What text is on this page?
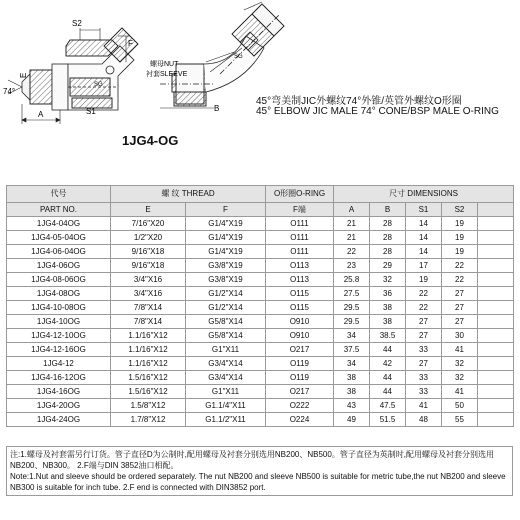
74°
E
A
S2
S1
F
B
螺母NUT
衬套SLEEVE
SG
SG
45°弯美制JIC外螺纹74°外锥/英管外螺纹O形圈
45° ELBOW JIC MALE 74° CONE/BSP MALE O-RING
1JG4-OG
代号	螺 纹 THREAD		O形圈O-RING	尺寸 DIMENSIONS				
PART NO.	E	F	F端	A	B	S1	S2	
1JG4-04OG	7/16"X20	G1/4"X19	O111	21	28	14	19	
1JG4-05-04OG	1/2"X20	G1/4"X19	O111	21	28	14	19	
1JG4-06-04OG	9/16"X18	G1/4"X19	O111	22	28	14	19	
1JG4-06OG	9/16"X18	G3/8"X19	O113	23	29	17	22	
1JG4-08-06OG	3/4"X16	G3/8"X19	O113	25.8	32	19	22	
1JG4-08OG	3/4"X16	G1/2"X14	O115	27.5	36	22	27	
1JG4-10-08OG	7/8"X14	G1/2"X14	O115	29.5	38	22	27	
1JG4-10OG	7/8"X14	G5/8"X14	O910	29.5	38	27	27	
1JG4-12-10OG	1.1/16"X12	G5/8"X14	O910	34	38.5	27	30	
1JG4-12-16OG	1.1/16"X12	G1"X11	O217	37.5	44	33	41	
1JG4-12	1.1/16"X12	G3/4"X14	O119	34	42	27	32	
1JG4-16-12OG	1.5/16"X12	G3/4"X14	O119	38	44	33	32	
1JG4-16OG	1.5/16"X12	G1"X11	O217	38	44	33	41	
1JG4-20OG	1.5/8"X12	G1.1/4"X11	O222	43	47.5	41	50	
1JG4-24OG	1.7/8"X12	G1.1/2"X11	O224	49	51.5	48	55	
注:1.螺母及衬套需另行订货。管子直径D为公制时,配用螺母及衬套分别选用NB200、NB500。管子直径为英制时,配用螺母及衬套分别选用NB200、NB300。 2.F端与DIN 3852油口相配。
Note:1.Nut and sleeve should be ordered separately. The nut NB200 and sleeve NB500 is suitable for metric tube,the nut NB200 and sleeve NB300 is suitable for inch tube. 2.F end is connected with DIN3852 port.
